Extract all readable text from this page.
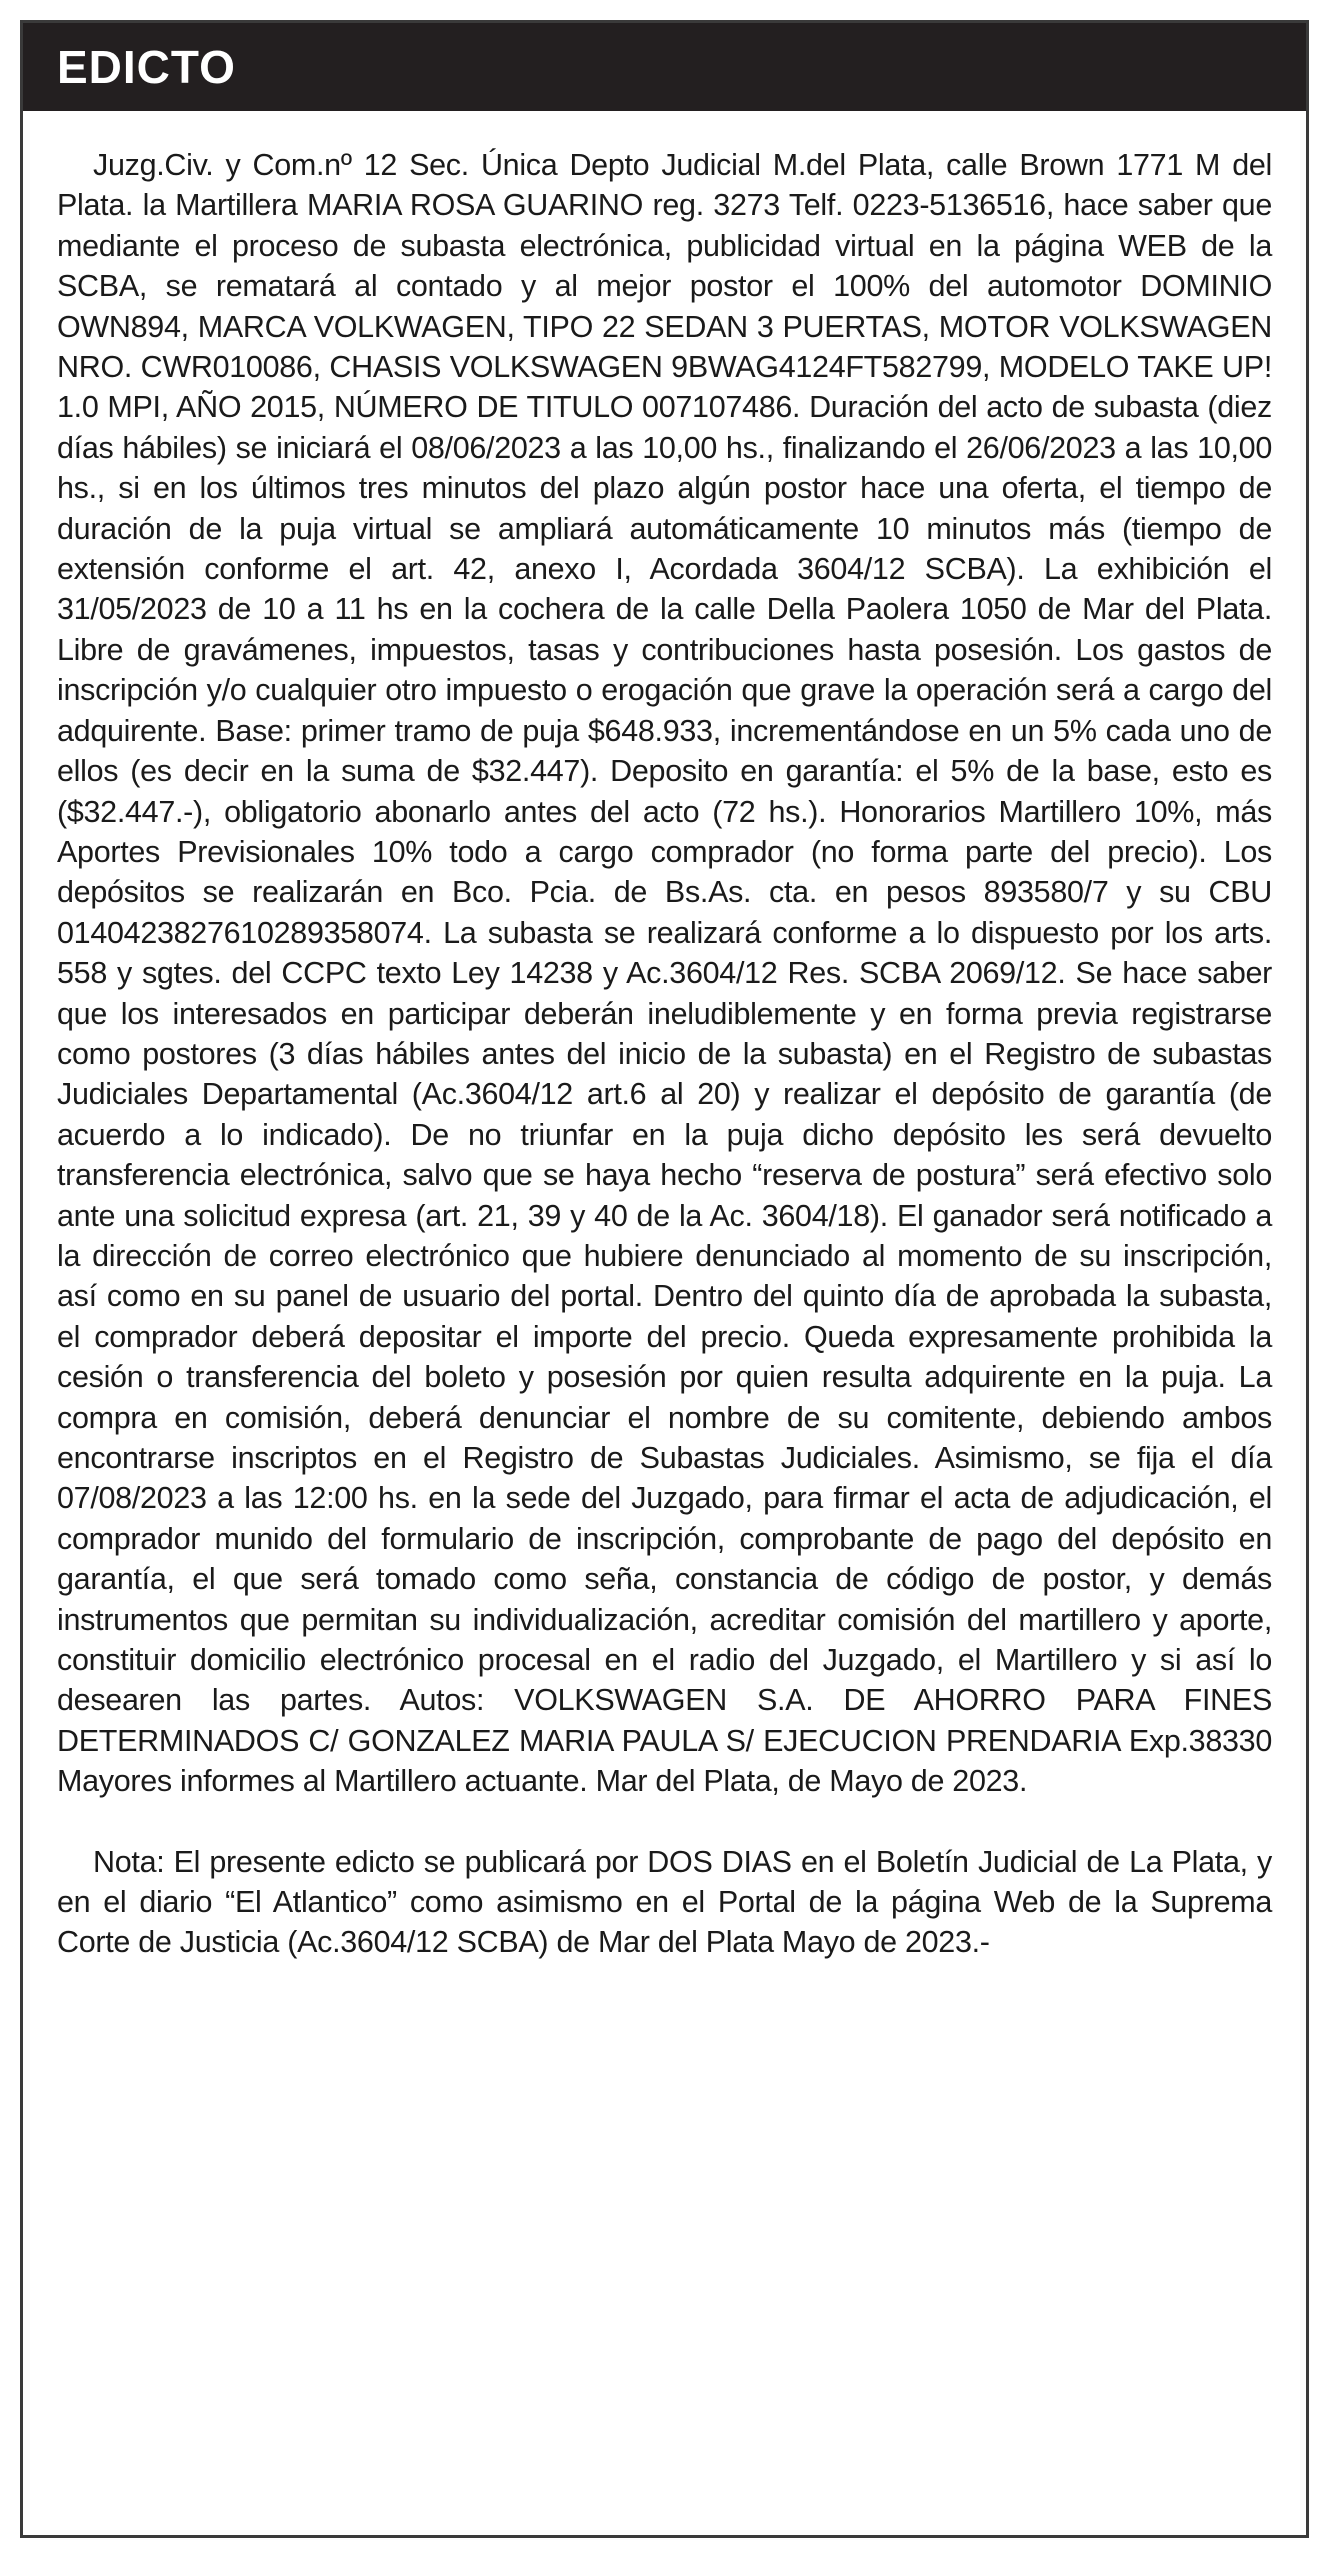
EDICTO

Juzg.Civ. y Com.nº 12 Sec. Única Depto Judicial M.del Plata, calle Brown 1771 M del Plata. la Martillera MARIA ROSA GUARINO reg. 3273 Telf. 0223-5136516, hace saber que mediante el proceso de subasta electrónica, publicidad virtual en la página WEB de la SCBA, se rematará al contado y al mejor postor el 100% del automotor DOMINIO OWN894, MARCA VOLKWAGEN, TIPO 22 SEDAN 3 PUERTAS, MOTOR VOLKSWAGEN NRO. CWR010086, CHASIS VOLKSWAGEN 9BWAG4124FT582799, MODELO TAKE UP! 1.0 MPI, AÑO 2015, NÚMERO DE TITULO 007107486. Duración del acto de subasta (diez días hábiles) se iniciará el 08/06/2023 a las 10,00 hs., finalizando el 26/06/2023 a las 10,00 hs., si en los últimos tres minutos del plazo algún postor hace una oferta, el tiempo de duración de la puja virtual se ampliará automáticamente 10 minutos más (tiempo de extensión conforme el art. 42, anexo I, Acordada 3604/12 SCBA). La exhibición el 31/05/2023 de 10 a 11 hs en la cochera de la calle Della Paolera 1050 de Mar del Plata. Libre de gravámenes, impuestos, tasas y contribuciones hasta posesión. Los gastos de inscripción y/o cualquier otro impuesto o erogación que grave la operación será a cargo del adquirente. Base: primer tramo de puja $648.933, incrementándose en un 5% cada uno de ellos (es decir en la suma de $32.447). Deposito en garantía: el 5% de la base, esto es ($32.447.-), obligatorio abonarlo antes del acto (72 hs.). Honorarios Martillero 10%, más Aportes Previsionales 10% todo a cargo comprador (no forma parte del precio). Los depósitos se realizarán en Bco. Pcia. de Bs.As. cta. en pesos 893580/7 y su CBU 0140423827610289358074. La subasta se realizará conforme a lo dispuesto por los arts. 558 y sgtes. del CCPC texto Ley 14238 y Ac.3604/12 Res. SCBA 2069/12. Se hace saber que los interesados en participar deberán ineludiblemente y en forma previa registrarse como postores (3 días hábiles antes del inicio de la subasta) en el Registro de subastas Judiciales Departamental (Ac.3604/12 art.6 al 20) y realizar el depósito de garantía (de acuerdo a lo indicado). De no triunfar en la puja dicho depósito les será devuelto transferencia electrónica, salvo que se haya hecho “reserva de postura” será efectivo solo ante una solicitud expresa (art. 21, 39 y 40 de la Ac. 3604/18). El ganador será notificado a la dirección de correo electrónico que hubiere denunciado al momento de su inscripción, así como en su panel de usuario del portal. Dentro del quinto día de aprobada la subasta, el comprador deberá depositar el importe del precio. Queda expresamente prohibida la cesión o transferencia del boleto y posesión por quien resulta adquirente en la puja. La compra en comisión, deberá denunciar el nombre de su comitente, debiendo ambos encontrarse inscriptos en el Registro de Subastas Judiciales. Asimismo, se fija el día 07/08/2023 a las 12:00 hs. en la sede del Juzgado, para firmar el acta de adjudicación, el comprador munido del formulario de inscripción, comprobante de pago del depósito en garantía, el que será tomado como seña, constancia de código de postor, y demás instrumentos que permitan su individualización, acreditar comisión del martillero y aporte, constituir domicilio electrónico procesal en el radio del Juzgado, el Martillero y si así lo desearen las partes. Autos: VOLKSWAGEN S.A. DE AHORRO PARA FINES DETERMINADOS C/ GONZALEZ MARIA PAULA S/ EJECUCION PRENDARIA Exp.38330 Mayores informes al Martillero actuante. Mar del Plata, de Mayo de 2023.

Nota: El presente edicto se publicará por DOS DIAS en el Boletín Judicial de La Plata, y en el diario “El Atlantico” como asimismo en el Portal de la página Web de la Suprema Corte de Justicia (Ac.3604/12 SCBA) de Mar del Plata Mayo de 2023.-
